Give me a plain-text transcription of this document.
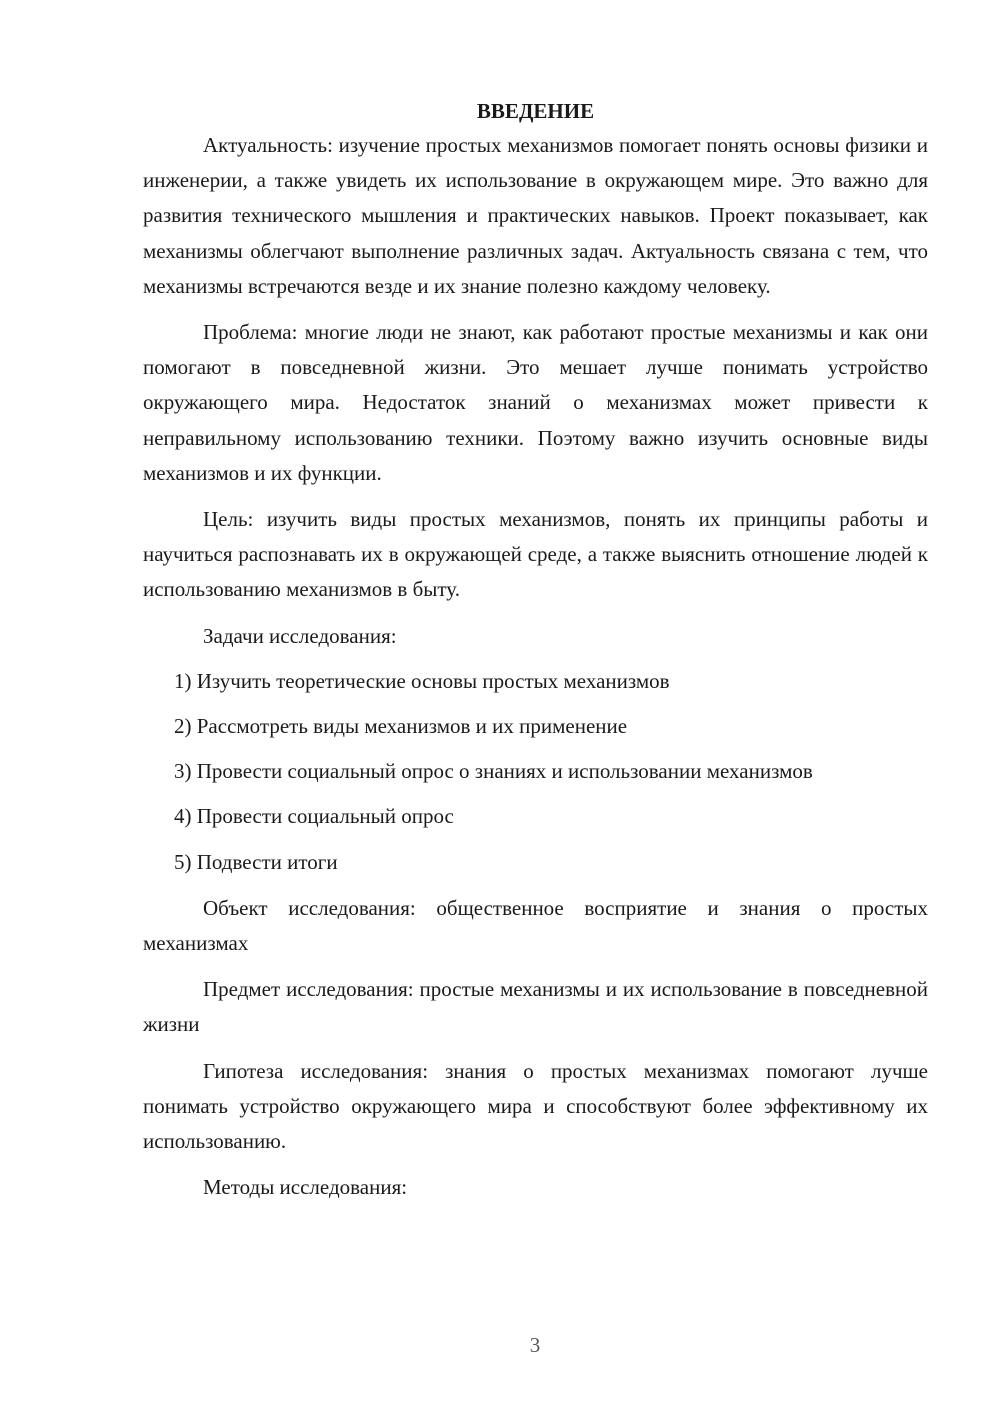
ВВЕДЕНИЕ

Актуальность: изучение простых механизмов помогает понять основы физики и инженерии, а также увидеть их использование в окружающем мире. Это важно для развития технического мышления и практических навыков. Проект показывает, как механизмы облегчают выполнение различных задач. Актуальность связана с тем, что механизмы встречаются везде и их знание полезно каждому человеку.

Проблема: многие люди не знают, как работают простые механизмы и как они помогают в повседневной жизни. Это мешает лучше понимать устройство окружающего мира. Недостаток знаний о механизмах может привести к неправильному использованию техники. Поэтому важно изучить основные виды механизмов и их функции.

Цель: изучить виды простых механизмов, понять их принципы работы и научиться распознавать их в окружающей среде, а также выяснить отношение людей к использованию механизмов в быту.

Задачи исследования:

1) Изучить теоретические основы простых механизмов

2) Рассмотреть виды механизмов и их применение

3) Провести социальный опрос о знаниях и использовании механизмов

4) Провести социальный опрос

5) Подвести итоги

Объект исследования: общественное восприятие и знания о простых механизмах

Предмет исследования: простые механизмы и их использование в повседневной жизни

Гипотеза исследования: знания о простых механизмах помогают лучше понимать устройство окружающего мира и способствуют более эффективному их использованию.

Методы исследования:

3
